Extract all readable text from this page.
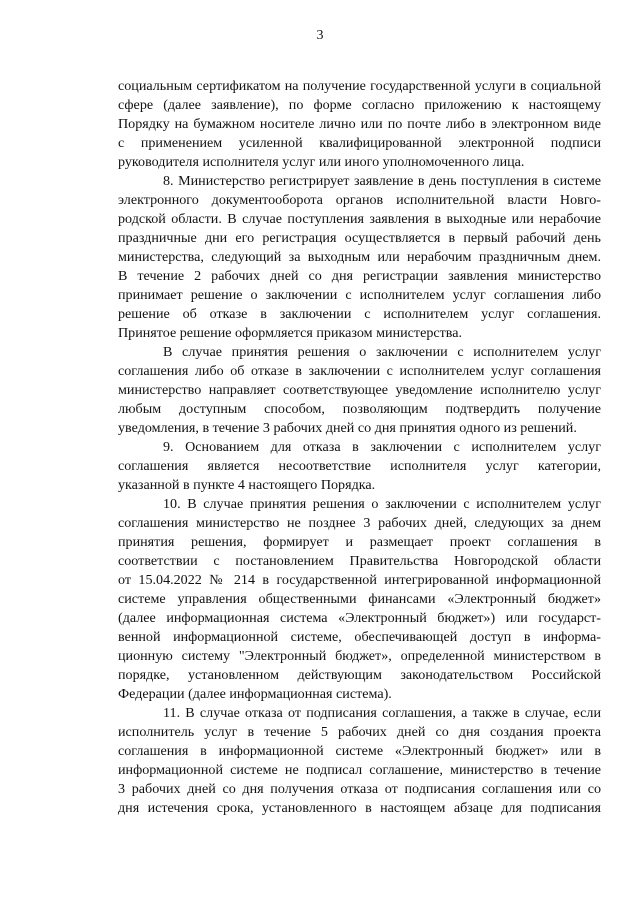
3
социальным сертификатом на получение государственной услуги в социальной
сфере (далее заявление), по форме согласно приложению к настоящему
Порядку на бумажном носителе лично или по почте либо в электронном виде
с применением усиленной квалифицированной электронной подписи
руководителя исполнителя услуг или иного уполномоченного лица.
8. Министерство регистрирует заявление в день поступления в системе
электронного документооборота органов исполнительной власти Новго-
родской области. В случае поступления заявления в выходные или нерабочие
праздничные дни его регистрация осуществляется в первый рабочий день
министерства, следующий за выходным или нерабочим праздничным днем.
В течение 2 рабочих дней со дня регистрации заявления министерство
принимает решение о заключении с исполнителем услуг соглашения либо
решение об отказе в заключении с исполнителем услуг соглашения.
Принятое решение оформляется приказом министерства.
В случае принятия решения о заключении с исполнителем услуг
соглашения либо об отказе в заключении с исполнителем услуг соглашения
министерство направляет соответствующее уведомление исполнителю услуг
любым доступным способом, позволяющим подтвердить получение
уведомления, в течение 3 рабочих дней со дня принятия одного из решений.
9. Основанием для отказа в заключении с исполнителем услуг
соглашения является несоответствие исполнителя услуг категории,
указанной в пункте 4 настоящего Порядка.
10. В случае принятия решения о заключении с исполнителем услуг
соглашения министерство не позднее 3 рабочих дней, следующих за днем
принятия решения, формирует и размещает проект соглашения в
соответствии с постановлением Правительства Новгородской области
от 15.04.2022 № 214 в государственной интегрированной информационной
системе управления общественными финансами «Электронный бюджет»
(далее информационная система «Электронный бюджет») или государст-
венной информационной системе, обеспечивающей доступ в информа-
ционную систему "Электронный бюджет», определенной министерством в
порядке, установленном действующим законодательством Российской
Федерации (далее информационная система).
11. В случае отказа от подписания соглашения, а также в случае, если
исполнитель услуг в течение 5 рабочих дней со дня создания проекта
соглашения в информационной системе «Электронный бюджет» или в
информационной системе не подписал соглашение, министерство в течение
3 рабочих дней со дня получения отказа от подписания соглашения или со
дня истечения срока, установленного в настоящем абзаце для подписания
